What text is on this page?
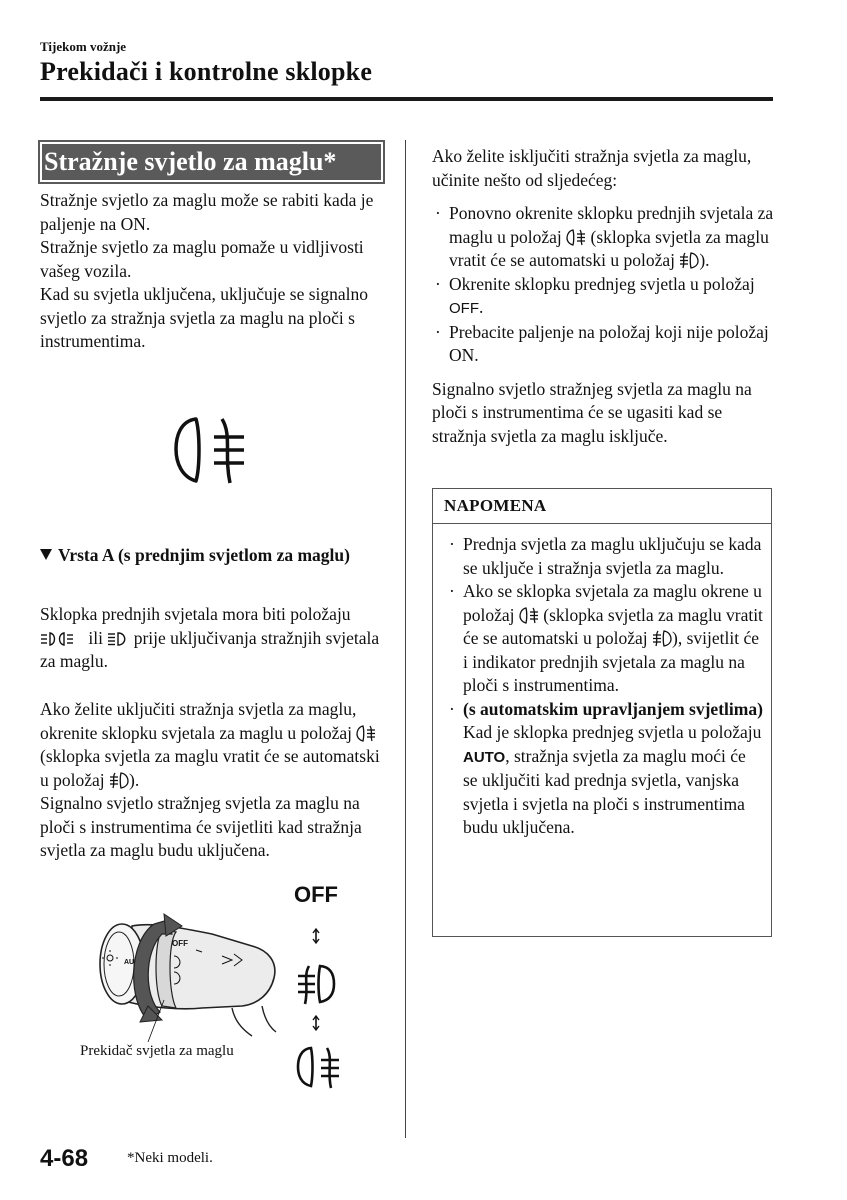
Tijekom vožnje
Prekidači i kontrolne sklopke
Stražnje svjetlo za maglu*

Stražnje svjetlo za maglu može se rabiti kada je paljenje na ON.

Stražnje svjetlo za maglu pomaže u vidljivosti vašeg vozila.

Kad su svjetla uključena, uključuje se signalno svjetlo za stražnja svjetla za maglu na ploči s instrumentima.

Vrsta A (s prednjim svjetlom za maglu)
Sklopka prednjih svjetala mora biti položaju  ili  prije uključivanja stražnjih svjetala za maglu.
Ako želite uključiti stražnja svjetla za maglu, okrenite sklopku svjetala za maglu u položaj  (sklopka svjetla za maglu vratit će se automatski u položaj ).
Signalno svjetlo stražnjeg svjetla za maglu na ploči s instrumentima će svijetliti kad stražnja svjetla za maglu budu uključena.
OFF
OFF
AU
Prekidač svjetla za maglu
Ako želite isključiti stražnja svjetla za maglu, učinite nešto od sljedećeg:
· Ponovno okrenite sklopku prednjih svjetala za maglu u položaj  (sklopka svjetla za maglu vratit će se automatski u položaj ).
· Okrenite sklopku prednjeg svjetla u položaj OFF.
· Prebacite paljenje na položaj koji nije položaj ON.
Signalno svjetlo stražnjeg svjetla za maglu na ploči s instrumentima će se ugasiti kad se stražnja svjetla za maglu isključe.
NAPOMENA
· Prednja svjetla za maglu uključuju se kada se uključe i stražnja svjetla za maglu.
· Ako se sklopka svjetala za maglu okrene u položaj  (sklopka svjetla za maglu vratit će se automatski u položaj ), svijetlit će i indikator prednjih svjetala za maglu na ploči s instrumentima.
· (s automatskim upravljanjem svjetlima)
Kad je sklopka prednjeg svjetla u položaju AUTO, stražnja svjetla za maglu moći će se uključiti kad prednja svjetla, vanjska svjetla i svjetla na ploči s instrumentima budu uključena.
4-68	*Neki modeli.
